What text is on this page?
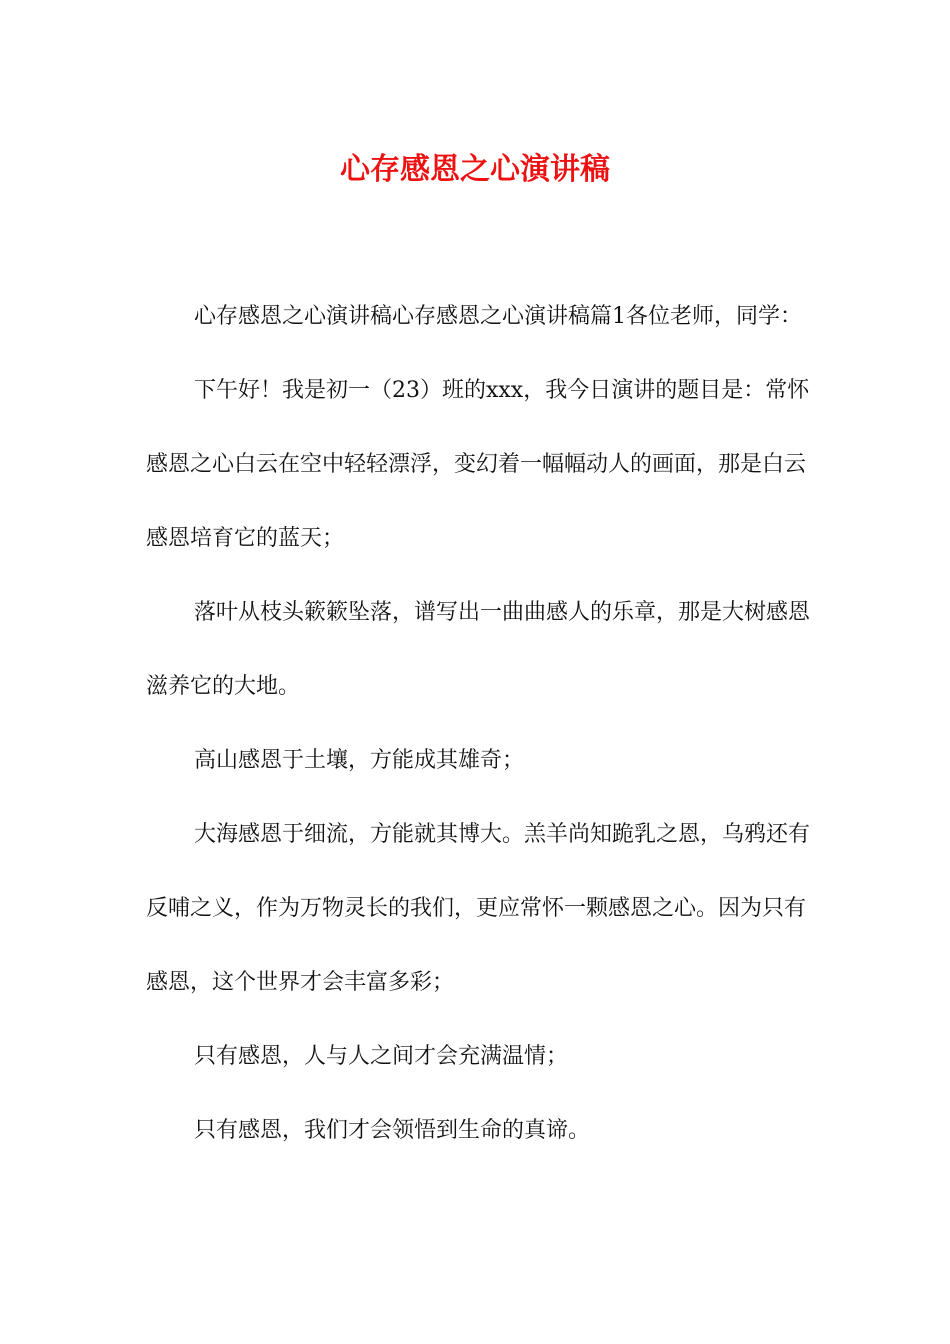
心存感恩之心演讲稿

心存感恩之心演讲稿心存感恩之心演讲稿篇1各位老师，同学：

下午好！我是初一（23）班的xxx，我今日演讲的题目是：常怀感恩之心白云在空中轻轻漂浮，变幻着一幅幅动人的画面，那是白云感恩培育它的蓝天；

落叶从枝头簌簌坠落，谱写出一曲曲感人的乐章，那是大树感恩滋养它的大地。

高山感恩于土壤，方能成其雄奇；

大海感恩于细流，方能就其博大。羔羊尚知跪乳之恩，乌鸦还有反哺之义，作为万物灵长的我们，更应常怀一颗感恩之心。因为只有感恩，这个世界才会丰富多彩；

只有感恩，人与人之间才会充满温情；

只有感恩，我们才会领悟到生命的真谛。
